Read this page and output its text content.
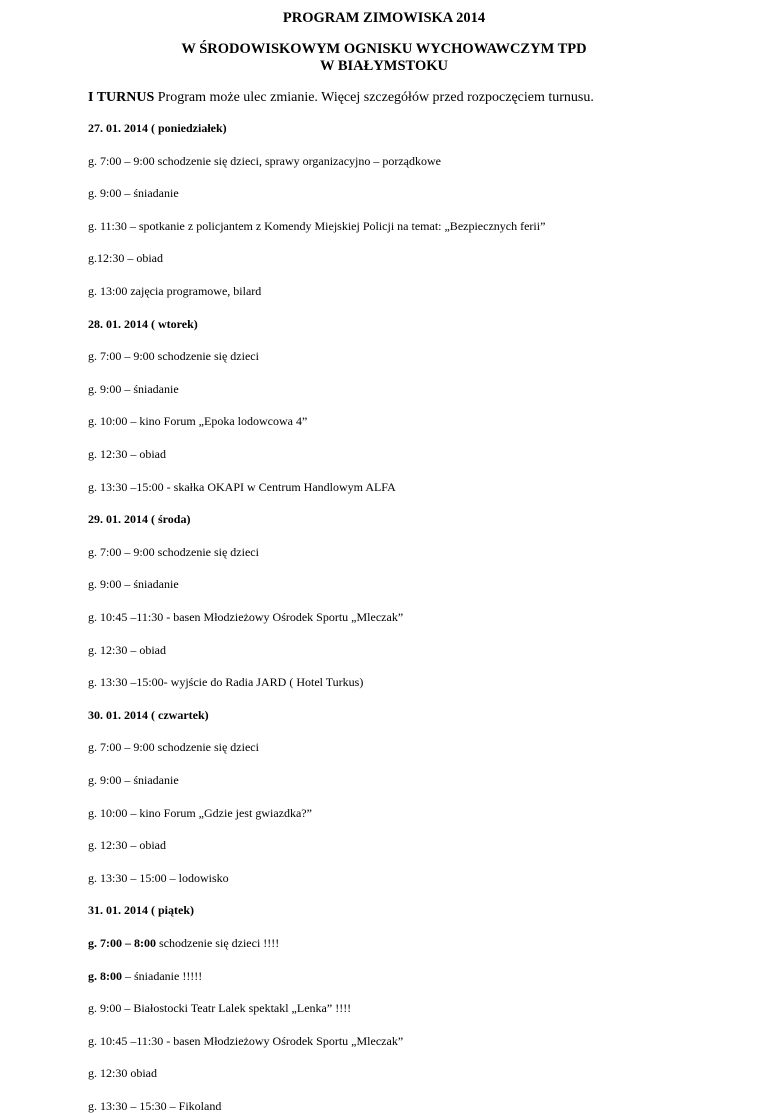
PROGRAM ZIMOWISKA 2014
W ŚRODOWISKOWYM OGNISKU WYCHOWAWCZYM TPD
W BIAŁYMSTOKU
I TURNUS Program może ulec zmianie. Więcej szczegółów przed rozpoczęciem turnusu.
27. 01. 2014 ( poniedziałek)
g. 7:00 – 9:00 schodzenie się dzieci, sprawy organizacyjno – porządkowe
g. 9:00 – śniadanie
g. 11:30 – spotkanie z policjantem z Komendy Miejskiej Policji na temat: „Bezpiecznych ferii”
g.12:30 – obiad
g. 13:00 zajęcia programowe, bilard
28. 01. 2014 ( wtorek)
g. 7:00 – 9:00 schodzenie się dzieci
g. 9:00 – śniadanie
g. 10:00 – kino Forum „Epoka lodowcowa 4”
g. 12:30 – obiad
g. 13:30 –15:00 - skałka OKAPI w Centrum Handlowym ALFA
29. 01. 2014 ( środa)
g. 7:00 – 9:00 schodzenie się dzieci
g. 9:00 – śniadanie
g. 10:45 –11:30 - basen Młodzieżowy Ośrodek Sportu „Mleczak”
g. 12:30 – obiad
g. 13:30 –15:00- wyjście do Radia JARD ( Hotel Turkus)
30. 01. 2014 ( czwartek)
g. 7:00 – 9:00 schodzenie się dzieci
g. 9:00 – śniadanie
g. 10:00 – kino Forum „Gdzie jest gwiazdka?”
g. 12:30 – obiad
g. 13:30 – 15:00 – lodowisko
31. 01. 2014 ( piątek)
g. 7:00 – 8:00 schodzenie się dzieci !!!!
g. 8:00 – śniadanie !!!!!
g. 9:00 – Białostocki Teatr Lalek spektakl „Lenka” !!!!
g. 10:45 –11:30 - basen Młodzieżowy Ośrodek Sportu „Mleczak”
g. 12:30 obiad
g. 13:30 – 15:30 – Fikoland
